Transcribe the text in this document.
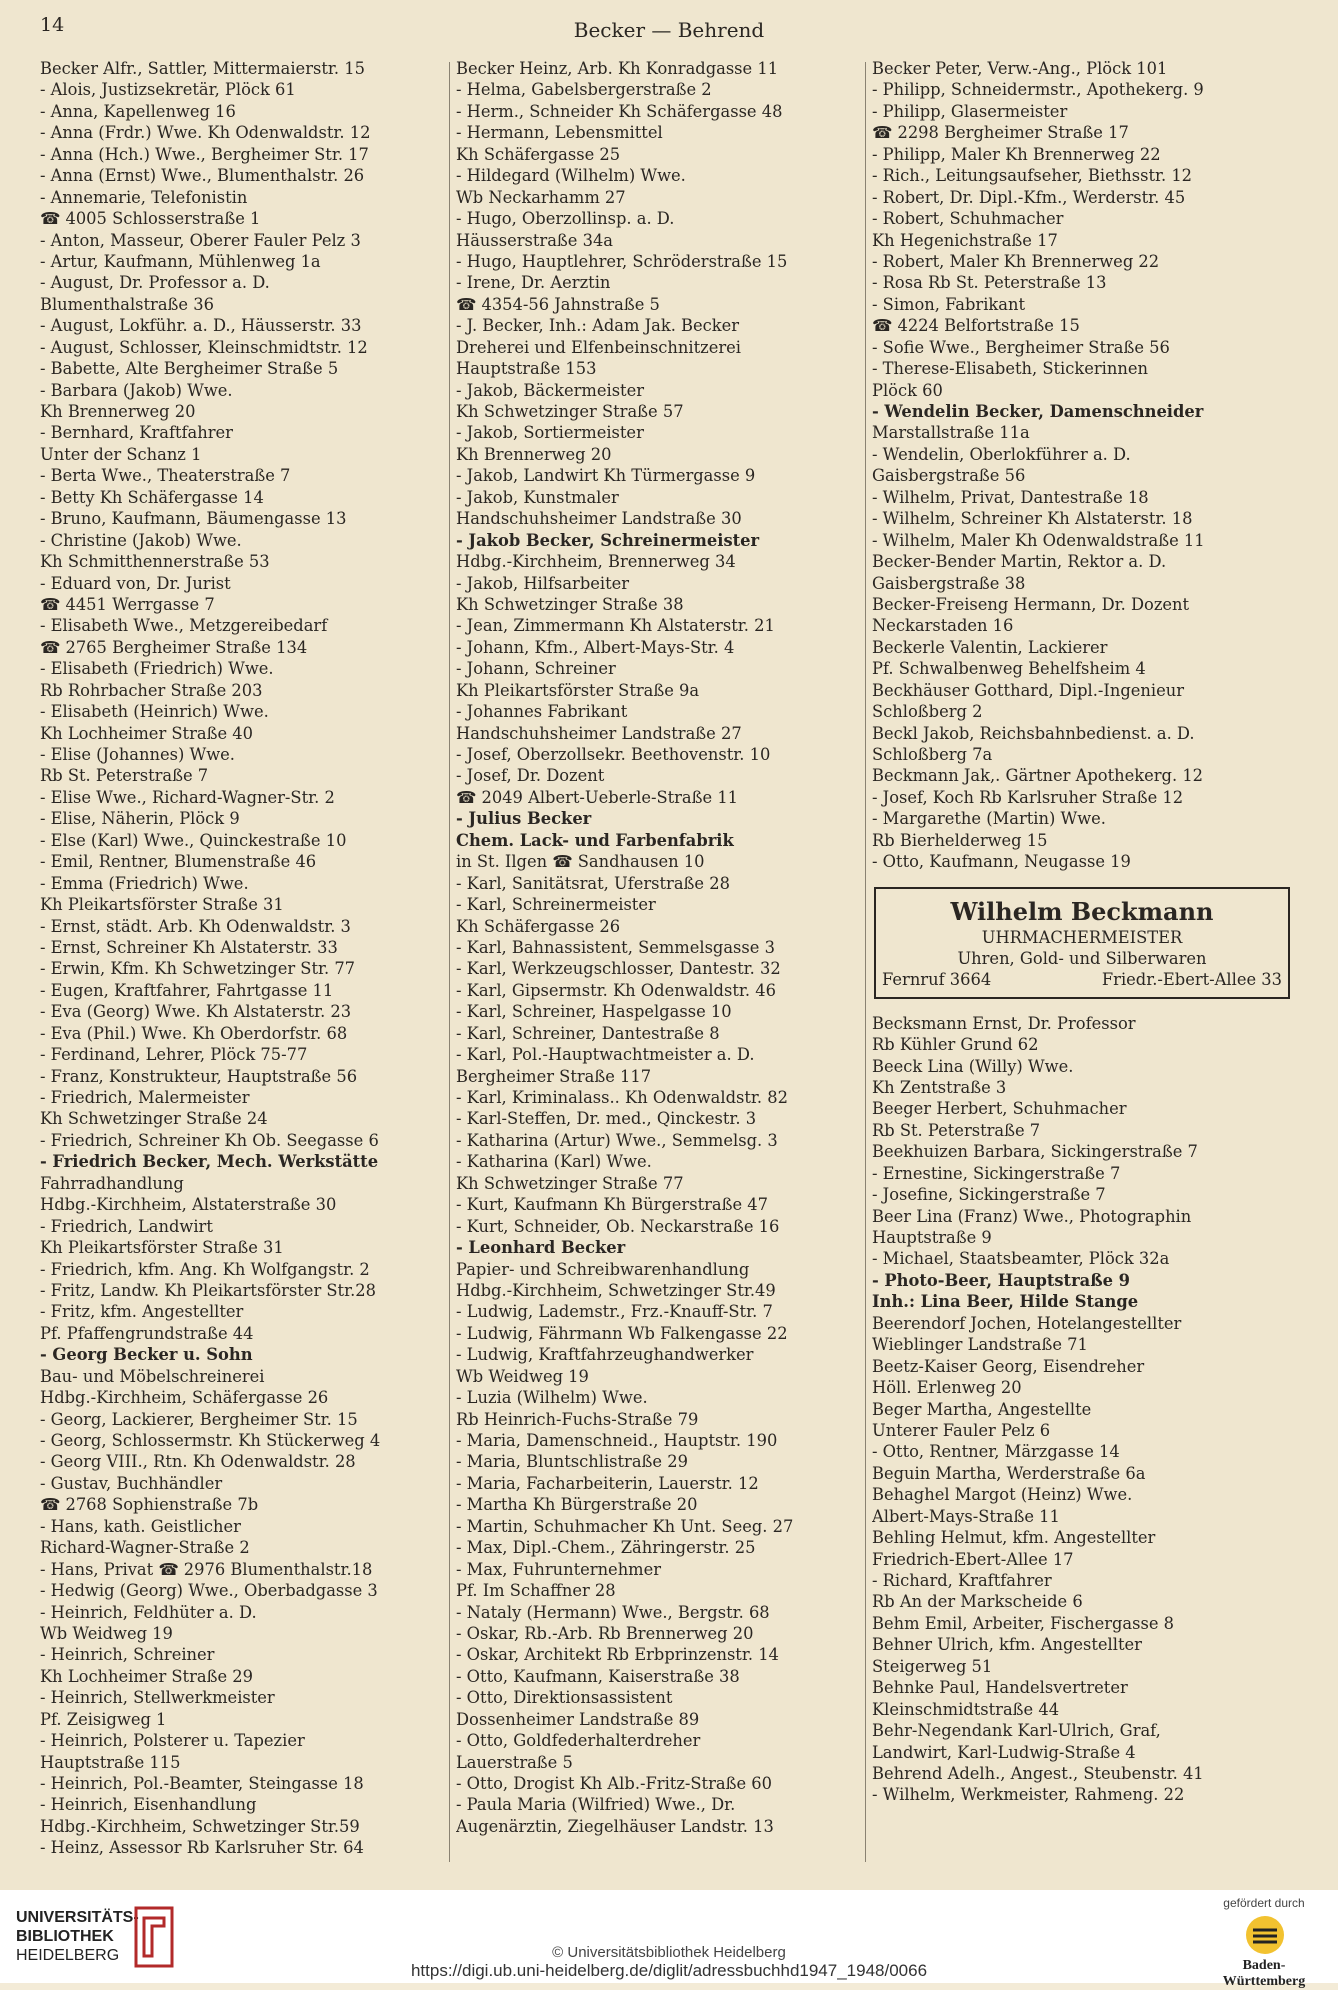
14	Becker — Behrend
Becker Alfr., Sattler, Mittermaierstr. 15
- Alois, Justizsekretär, Plöck 61
- Anna, Kapellenweg 16
- Anna (Frdr.) Wwe. Kh Odenwaldstr. 12
- Anna (Hch.) Wwe., Bergheimer Str. 17
- Anna (Ernst) Wwe., Blumenthalstr. 26
- Annemarie, Telefonistin
☎ 4005 Schlosserstraße 1
- Anton, Masseur, Oberer Fauler Pelz 3
- Artur, Kaufmann, Mühlenweg 1a
- August, Dr. Professor a. D.
Blumenthalstraße 36
- August, Lokführ. a. D., Häusserstr. 33
- August, Schlosser, Kleinschmidtstr. 12
- Babette, Alte Bergheimer Straße 5
- Barbara (Jakob) Wwe.
Kh Brennerweg 20
- Bernhard, Kraftfahrer
Unter der Schanz 1
- Berta Wwe., Theaterstraße 7
- Betty Kh Schäfergasse 14
- Bruno, Kaufmann, Bäumengasse 13
- Christine (Jakob) Wwe.
Kh Schmitthennerstraße 53
- Eduard von, Dr. Jurist
☎ 4451 Werrgasse 7
- Elisabeth Wwe., Metzgereibedarf
☎ 2765 Bergheimer Straße 134
- Elisabeth (Friedrich) Wwe.
Rb Rohrbacher Straße 203
- Elisabeth (Heinrich) Wwe.
Kh Lochheimer Straße 40
- Elise (Johannes) Wwe.
Rb St. Peterstraße 7
- Elise Wwe., Richard-Wagner-Str. 2
- Elise, Näherin, Plöck 9
- Else (Karl) Wwe., Quinckestraße 10
- Emil, Rentner, Blumenstraße 46
- Emma (Friedrich) Wwe.
Kh Pleikartsförster Straße 31
- Ernst, städt. Arb. Kh Odenwaldstr. 3
- Ernst, Schreiner Kh Alstaterstr. 33
- Erwin, Kfm. Kh Schwetzinger Str. 77
- Eugen, Kraftfahrer, Fahrtgasse 11
- Eva (Georg) Wwe. Kh Alstaterstr. 23
- Eva (Phil.) Wwe. Kh Oberdorfstr. 68
- Ferdinand, Lehrer, Plöck 75-77
- Franz, Konstrukteur, Hauptstraße 56
- Friedrich, Malermeister
Kh Schwetzinger Straße 24
- Friedrich, Schreiner Kh Ob. Seegasse 6
- Friedrich Becker, Mech. Werkstätte
Fahrradhandlung
Hdbg.-Kirchheim, Alstaterstraße 30
- Friedrich, Landwirt
Kh Pleikartsförster Straße 31
- Friedrich, kfm. Ang. Kh Wolfgangstr. 2
- Fritz, Landw. Kh Pleikartsförster Str.28
- Fritz, kfm. Angestellter
Pf. Pfaffengrundstraße 44
- Georg Becker u. Sohn
Bau- und Möbelschreinerei
Hdbg.-Kirchheim, Schäfergasse 26
- Georg, Lackierer, Bergheimer Str. 15
- Georg, Schlossermstr. Kh Stückerweg 4
- Georg VIII., Rtn. Kh Odenwaldstr. 28
- Gustav, Buchhändler
☎ 2768 Sophienstraße 7b
- Hans, kath. Geistlicher
Richard-Wagner-Straße 2
- Hans, Privat ☎ 2976 Blumenthalstr.18
- Hedwig (Georg) Wwe., Oberbadgasse 3
- Heinrich, Feldhüter a. D.
Wb Weidweg 19
- Heinrich, Schreiner
Kh Lochheimer Straße 29
- Heinrich, Stellwerkmeister
Pf. Zeisigweg 1
- Heinrich, Polsterer u. Tapezier
Hauptstraße 115
- Heinrich, Pol.-Beamter, Steingasse 18
- Heinrich, Eisenhandlung
Hdbg.-Kirchheim, Schwetzinger Str.59
- Heinz, Assessor Rb Karlsruher Str. 64
Becker Heinz, Arb. Kh Konradgasse 11
- Helma, Gabelsbergerstraße 2
- Herm., Schneider Kh Schäfergasse 48
- Hermann, Lebensmittel
Kh Schäfergasse 25
- Hildegard (Wilhelm) Wwe.
Wb Neckarhamm 27
- Hugo, Oberzollinsp. a. D.
Häusserstraße 34a
- Hugo, Hauptlehrer, Schröderstraße 15
- Irene, Dr. Aerztin
☎ 4354-56 Jahnstraße 5
- J. Becker, Inh.: Adam Jak. Becker
Dreherei und Elfenbeinschnitzerei
Hauptstraße 153
- Jakob, Bäckermeister
Kh Schwetzinger Straße 57
- Jakob, Sortiermeister
Kh Brennerweg 20
- Jakob, Landwirt Kh Türmergasse 9
- Jakob, Kunstmaler
Handschuhsheimer Landstraße 30
- Jakob Becker, Schreinermeister
Hdbg.-Kirchheim, Brennerweg 34
- Jakob, Hilfsarbeiter
Kh Schwetzinger Straße 38
- Jean, Zimmermann Kh Alstaterstr. 21
- Johann, Kfm., Albert-Mays-Str. 4
- Johann, Schreiner
Kh Pleikartsförster Straße 9a
- Johannes Fabrikant
Handschuhsheimer Landstraße 27
- Josef, Oberzollsekr. Beethovenstr. 10
- Josef, Dr. Dozent
☎ 2049 Albert-Ueberle-Straße 11
- Julius Becker
Chem. Lack- und Farbenfabrik
in St. Ilgen ☎ Sandhausen 10
- Karl, Sanitätsrat, Uferstraße 28
- Karl, Schreinermeister
Kh Schäfergasse 26
- Karl, Bahnassistent, Semmelsgasse 3
- Karl, Werkzeugschlosser, Dantestr. 32
- Karl, Gipsermstr. Kh Odenwaldstr. 46
- Karl, Schreiner, Haspelgasse 10
- Karl, Schreiner, Dantestraße 8
- Karl, Pol.-Hauptwachtmeister a. D.
Bergheimer Straße 117
- Karl, Kriminalass.. Kh Odenwaldstr. 82
- Karl-Steffen, Dr. med., Qinckestr. 3
- Katharina (Artur) Wwe., Semmelsg. 3
- Katharina (Karl) Wwe.
Kh Schwetzinger Straße 77
- Kurt, Kaufmann Kh Bürgerstraße 47
- Kurt, Schneider, Ob. Neckarstraße 16
- Leonhard Becker
Papier- und Schreibwarenhandlung
Hdbg.-Kirchheim, Schwetzinger Str.49
- Ludwig, Lademstr., Frz.-Knauff-Str. 7
- Ludwig, Fährmann Wb Falkengasse 22
- Ludwig, Kraftfahrzeughandwerker
Wb Weidweg 19
- Luzia (Wilhelm) Wwe.
Rb Heinrich-Fuchs-Straße 79
- Maria, Damenschneid., Hauptstr. 190
- Maria, Bluntschlistraße 29
- Maria, Facharbeiterin, Lauerstr. 12
- Martha Kh Bürgerstraße 20
- Martin, Schuhmacher Kh Unt. Seeg. 27
- Max, Dipl.-Chem., Zähringerstr. 25
- Max, Fuhrunternehmer
Pf. Im Schaffner 28
- Nataly (Hermann) Wwe., Bergstr. 68
- Oskar, Rb.-Arb. Rb Brennerweg 20
- Oskar, Architekt Rb Erbprinzenstr. 14
- Otto, Kaufmann, Kaiserstraße 38
- Otto, Direktionsassistent
Dossenheimer Landstraße 89
- Otto, Goldfederhalterdreher
Lauerstraße 5
- Otto, Drogist Kh Alb.-Fritz-Straße 60
- Paula Maria (Wilfried) Wwe., Dr.
Augenärztin, Ziegelhäuser Landstr. 13
Becker Peter, Verw.-Ang., Plöck 101
- Philipp, Schneidermstr., Apothekerg. 9
- Philipp, Glasermeister
☎ 2298 Bergheimer Straße 17
- Philipp, Maler Kh Brennerweg 22
- Rich., Leitungsaufseher, Biethsstr. 12
- Robert, Dr. Dipl.-Kfm., Werderstr. 45
- Robert, Schuhmacher
Kh Hegenichstraße 17
- Robert, Maler Kh Brennerweg 22
- Rosa Rb St. Peterstraße 13
- Simon, Fabrikant
☎ 4224 Belfortstraße 15
- Sofie Wwe., Bergheimer Straße 56
- Therese-Elisabeth, Stickerinnen
Plöck 60
- Wendelin Becker, Damenschneider
Marstallstraße 11a
- Wendelin, Oberlokführer a. D.
Gaisbergstraße 56
- Wilhelm, Privat, Dantestraße 18
- Wilhelm, Schreiner Kh Alstaterstr. 18
- Wilhelm, Maler Kh Odenwaldstraße 11
Becker-Bender Martin, Rektor a. D.
Gaisbergstraße 38
Becker-Freiseng Hermann, Dr. Dozent
Neckarstaden 16
Beckerle Valentin, Lackierer
Pf. Schwalbenweg Behelfsheim 4
Beckhäuser Gotthard, Dipl.-Ingenieur
Schloßberg 2
Beckl Jakob, Reichsbahnbedienst. a. D.
Schloßberg 7a
Beckmann Jak,. Gärtner Apothekerg. 12
- Josef, Koch Rb Karlsruher Straße 12
- Margarethe (Martin) Wwe.
Rb Bierhelderweg 15
- Otto, Kaufmann, Neugasse 19
Wilhelm Beckmann
UHRMACHERMEISTER
Uhren, Gold- und Silberwaren
Fernruf 3664	Friedr.-Ebert-Allee 33
Becksmann Ernst, Dr. Professor
Rb Kühler Grund 62
Beeck Lina (Willy) Wwe.
Kh Zentstraße 3
Beeger Herbert, Schuhmacher
Rb St. Peterstraße 7
Beekhuizen Barbara, Sickingerstraße 7
- Ernestine, Sickingerstraße 7
- Josefine, Sickingerstraße 7
Beer Lina (Franz) Wwe., Photographin
Hauptstraße 9
- Michael, Staatsbeamter, Plöck 32a
- Photo-Beer, Hauptstraße 9
Inh.: Lina Beer, Hilde Stange
Beerendorf Jochen, Hotelangestellter
Wieblinger Landstraße 71
Beetz-Kaiser Georg, Eisendreher
Höll. Erlenweg 20
Beger Martha, Angestellte
Unterer Fauler Pelz 6
- Otto, Rentner, Märzgasse 14
Beguin Martha, Werderstraße 6a
Behaghel Margot (Heinz) Wwe.
Albert-Mays-Straße 11
Behling Helmut, kfm. Angestellter
Friedrich-Ebert-Allee 17
- Richard, Kraftfahrer
Rb An der Markscheide 6
Behm Emil, Arbeiter, Fischergasse 8
Behner Ulrich, kfm. Angestellter
Steigerweg 51
Behnke Paul, Handelsvertreter
Kleinschmidtstraße 44
Behr-Negendank Karl-Ulrich, Graf,
Landwirt, Karl-Ludwig-Straße 4
Behrend Adelh., Angest., Steubenstr. 41
- Wilhelm, Werkmeister, Rahmeng. 22
UNIVERSITÄTS-
BIBLIOTHEK
HEIDELBERG	© Universitätsbibliothek Heidelberg
https://digi.ub.uni-heidelberg.de/diglit/adressbuchhd1947_1948/0066
gefördert durch
Baden-Württemberg
